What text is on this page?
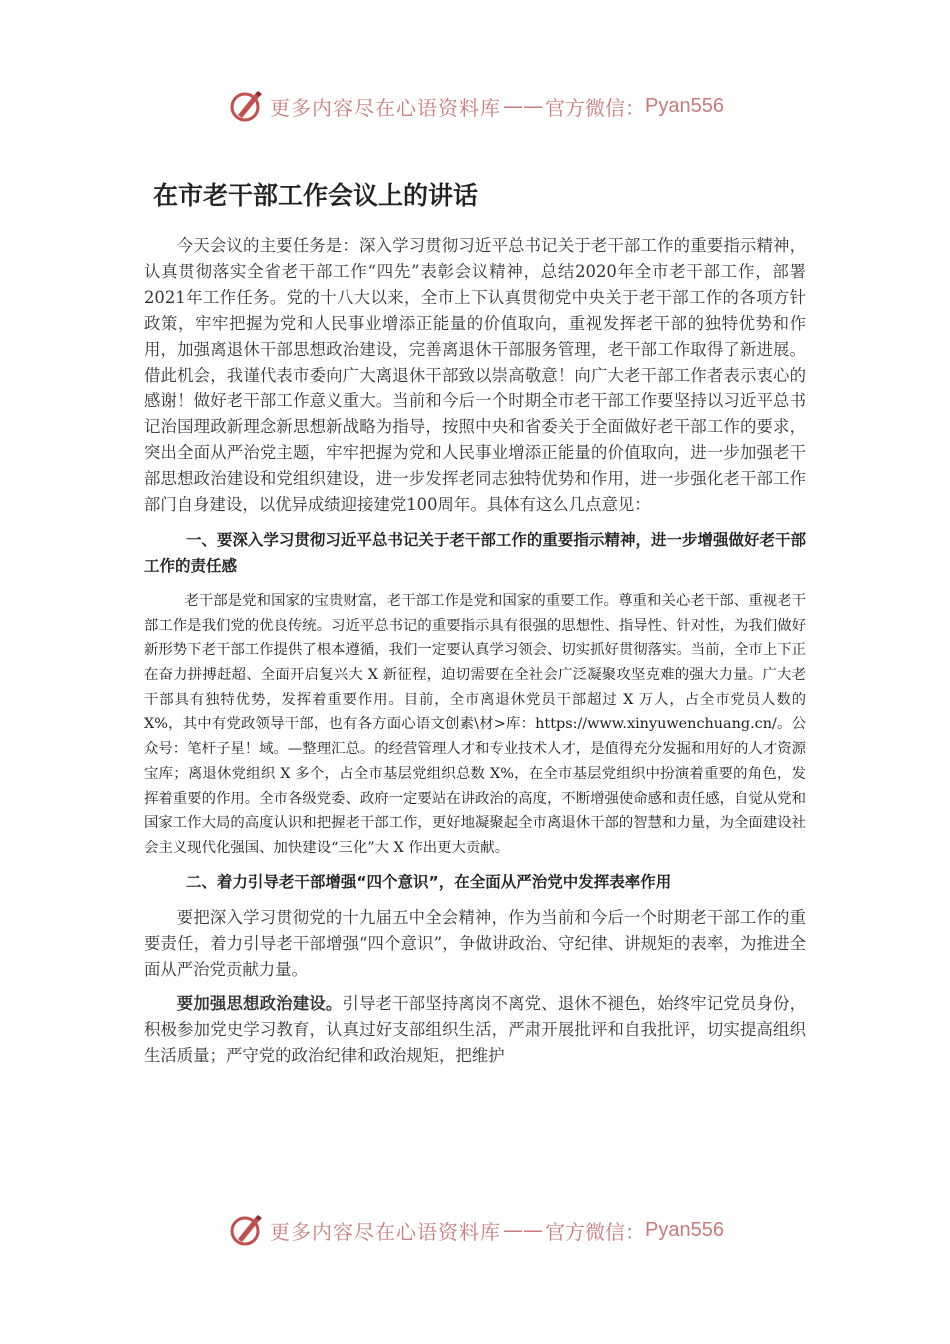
更多内容尽在心语资料库 —— 官方微信： Pyan556
在市老干部工作会议上的讲话

今天会议的主要任务是：深入学习贯彻习近平总书记关于老干部工作的重要指示精神，认真贯彻落实全省老干部工作“四先”表彰会议精神，总结2020年全市老干部工作，部署2021年工作任务。党的十八大以来，全市上下认真贯彻党中央关于老干部工作的各项方针政策，牢牢把握为党和人民事业增添正能量的价值取向，重视发挥老干部的独特优势和作用，加强离退休干部思想政治建设，完善离退休干部服务管理，老干部工作取得了新进展。借此机会，我谨代表市委向广大离退休干部致以崇高敬意！向广大老干部工作者表示衷心的感谢！做好老干部工作意义重大。当前和今后一个时期全市老干部工作要坚持以习近平总书记治国理政新理念新思想新战略为指导，按照中央和省委关于全面做好老干部工作的要求，突出全面从严治党主题，牢牢把握为党和人民事业增添正能量的价值取向，进一步加强老干部思想政治建设和党组织建设，进一步发挥老同志独特优势和作用，进一步强化老干部工作部门自身建设，以优异成绩迎接建党100周年。具体有这么几点意见：

一、要深入学习贯彻习近平总书记关于老干部工作的重要指示精神，进一步增强做好老干部工作的责任感

老干部是党和国家的宝贵财富，老干部工作是党和国家的重要工作。尊重和关心老干部、重视老干部工作是我们党的优良传统。习近平总书记的重要指示具有很强的思想性、指导性、针对性，为我们做好新形势下老干部工作提供了根本遵循，我们一定要认真学习领会、切实抓好贯彻落实。当前，全市上下正在奋力拼搏赶超、全面开启复兴大 X 新征程，迫切需要在全社会广泛凝聚攻坚克难的强大力量。广大老干部具有独特优势，发挥着重要作用。目前，全市离退休党员干部超过 X 万人，占全市党员人数的 X%，其中有党政领导干部，也有各方面心语文创素\材>库：https://www.xinyuwenchuang.cn/。公众号：笔杆子星！域。—整理汇总。的经营管理人才和专业技术人才，是值得充分发掘和用好的人才资源宝库；离退休党组织 X 多个，占全市基层党组织总数 X%，在全市基层党组织中扮演着重要的角色，发挥着重要的作用。全市各级党委、政府一定要站在讲政治的高度，不断增强使命感和责任感，自觉从党和国家工作大局的高度认识和把握老干部工作，更好地凝聚起全市离退休干部的智慧和力量，为全面建设社会主义现代化强国、加快建设“三化”大 X 作出更大贡献。

二、着力引导老干部增强“四个意识”，在全面从严治党中发挥表率作用

要把深入学习贯彻党的十九届五中全会精神，作为当前和今后一个时期老干部工作的重要责任，着力引导老干部增强“四个意识”，争做讲政治、守纪律、讲规矩的表率，为推进全面从严治党贡献力量。

要加强思想政治建设。引导老干部坚持离岗不离党、退休不褪色，始终牢记党员身份，积极参加党史学习教育，认真过好支部组织生活，严肃开展批评和自我批评，切实提高组织生活质量；严守党的政治纪律和政治规矩，把维护

更多内容尽在心语资料库 —— 官方微信： Pyan556
